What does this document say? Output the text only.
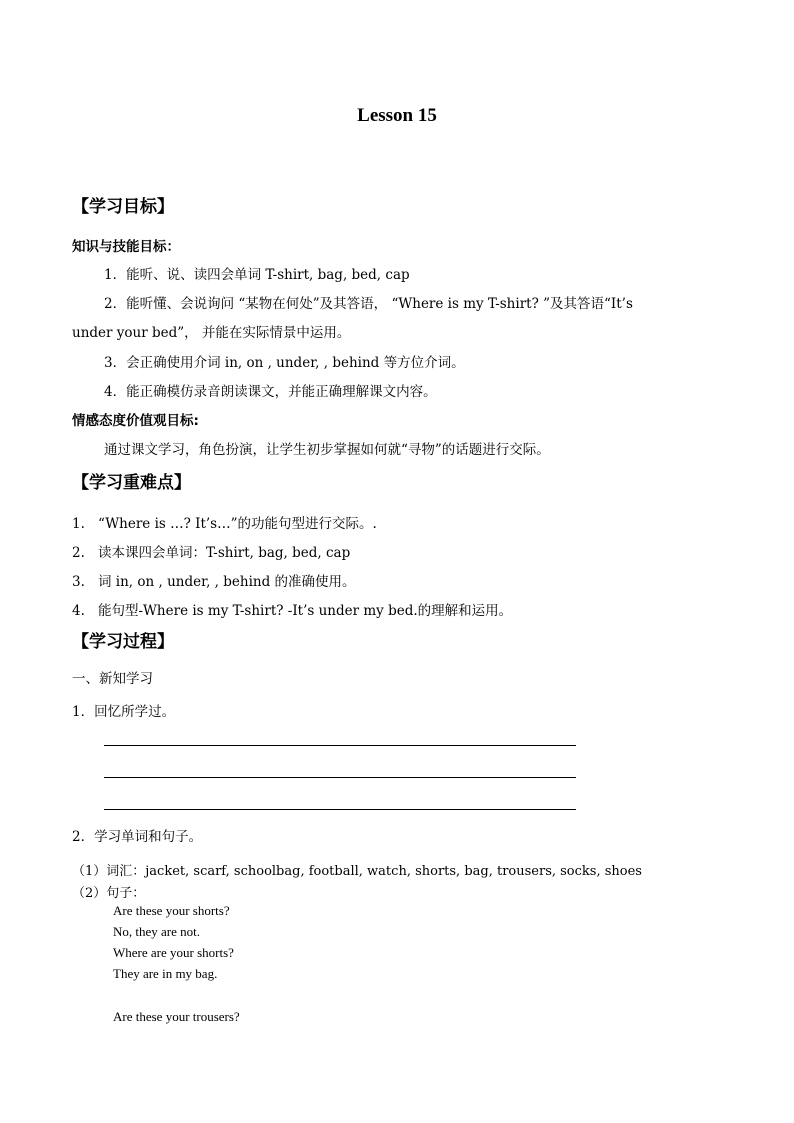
Lesson 15
【学习目标】
知识与技能目标：
1．能听、说、读四会单词 T-shirt, bag, bed, cap
2．能听懂、会说询问 “某物在何处”及其答语， “Where is my T-shirt? ”及其答语“It’s
under your bed”， 并能在实际情景中运用。
3．会正确使用介词 in, on , under, , behind 等方位介词。
4．能正确模仿录音朗读课文，并能正确理解课文内容。
情感态度价值观目标:
通过课文学习，角色扮演，让学生初步掌握如何就“寻物”的话题进行交际。
【学习重难点】
1. “Where is …? It’s…”的功能句型进行交际。.
2. 读本课四会单词：T-shirt, bag, bed, cap
3. 词 in, on , under, , behind 的准确使用。
4. 能句型-Where is my T-shirt? -It’s under my bed.的理解和运用。
【学习过程】
一、新知学习
1．回忆所学过。
2．学习单词和句子。
（1）词汇：jacket, scarf, schoolbag, football, watch, shorts, bag, trousers, socks, shoes
（2）句子：
Are these your shorts?
No, they are not.
Where are your shorts?
They are in my bag.
Are these your trousers?
